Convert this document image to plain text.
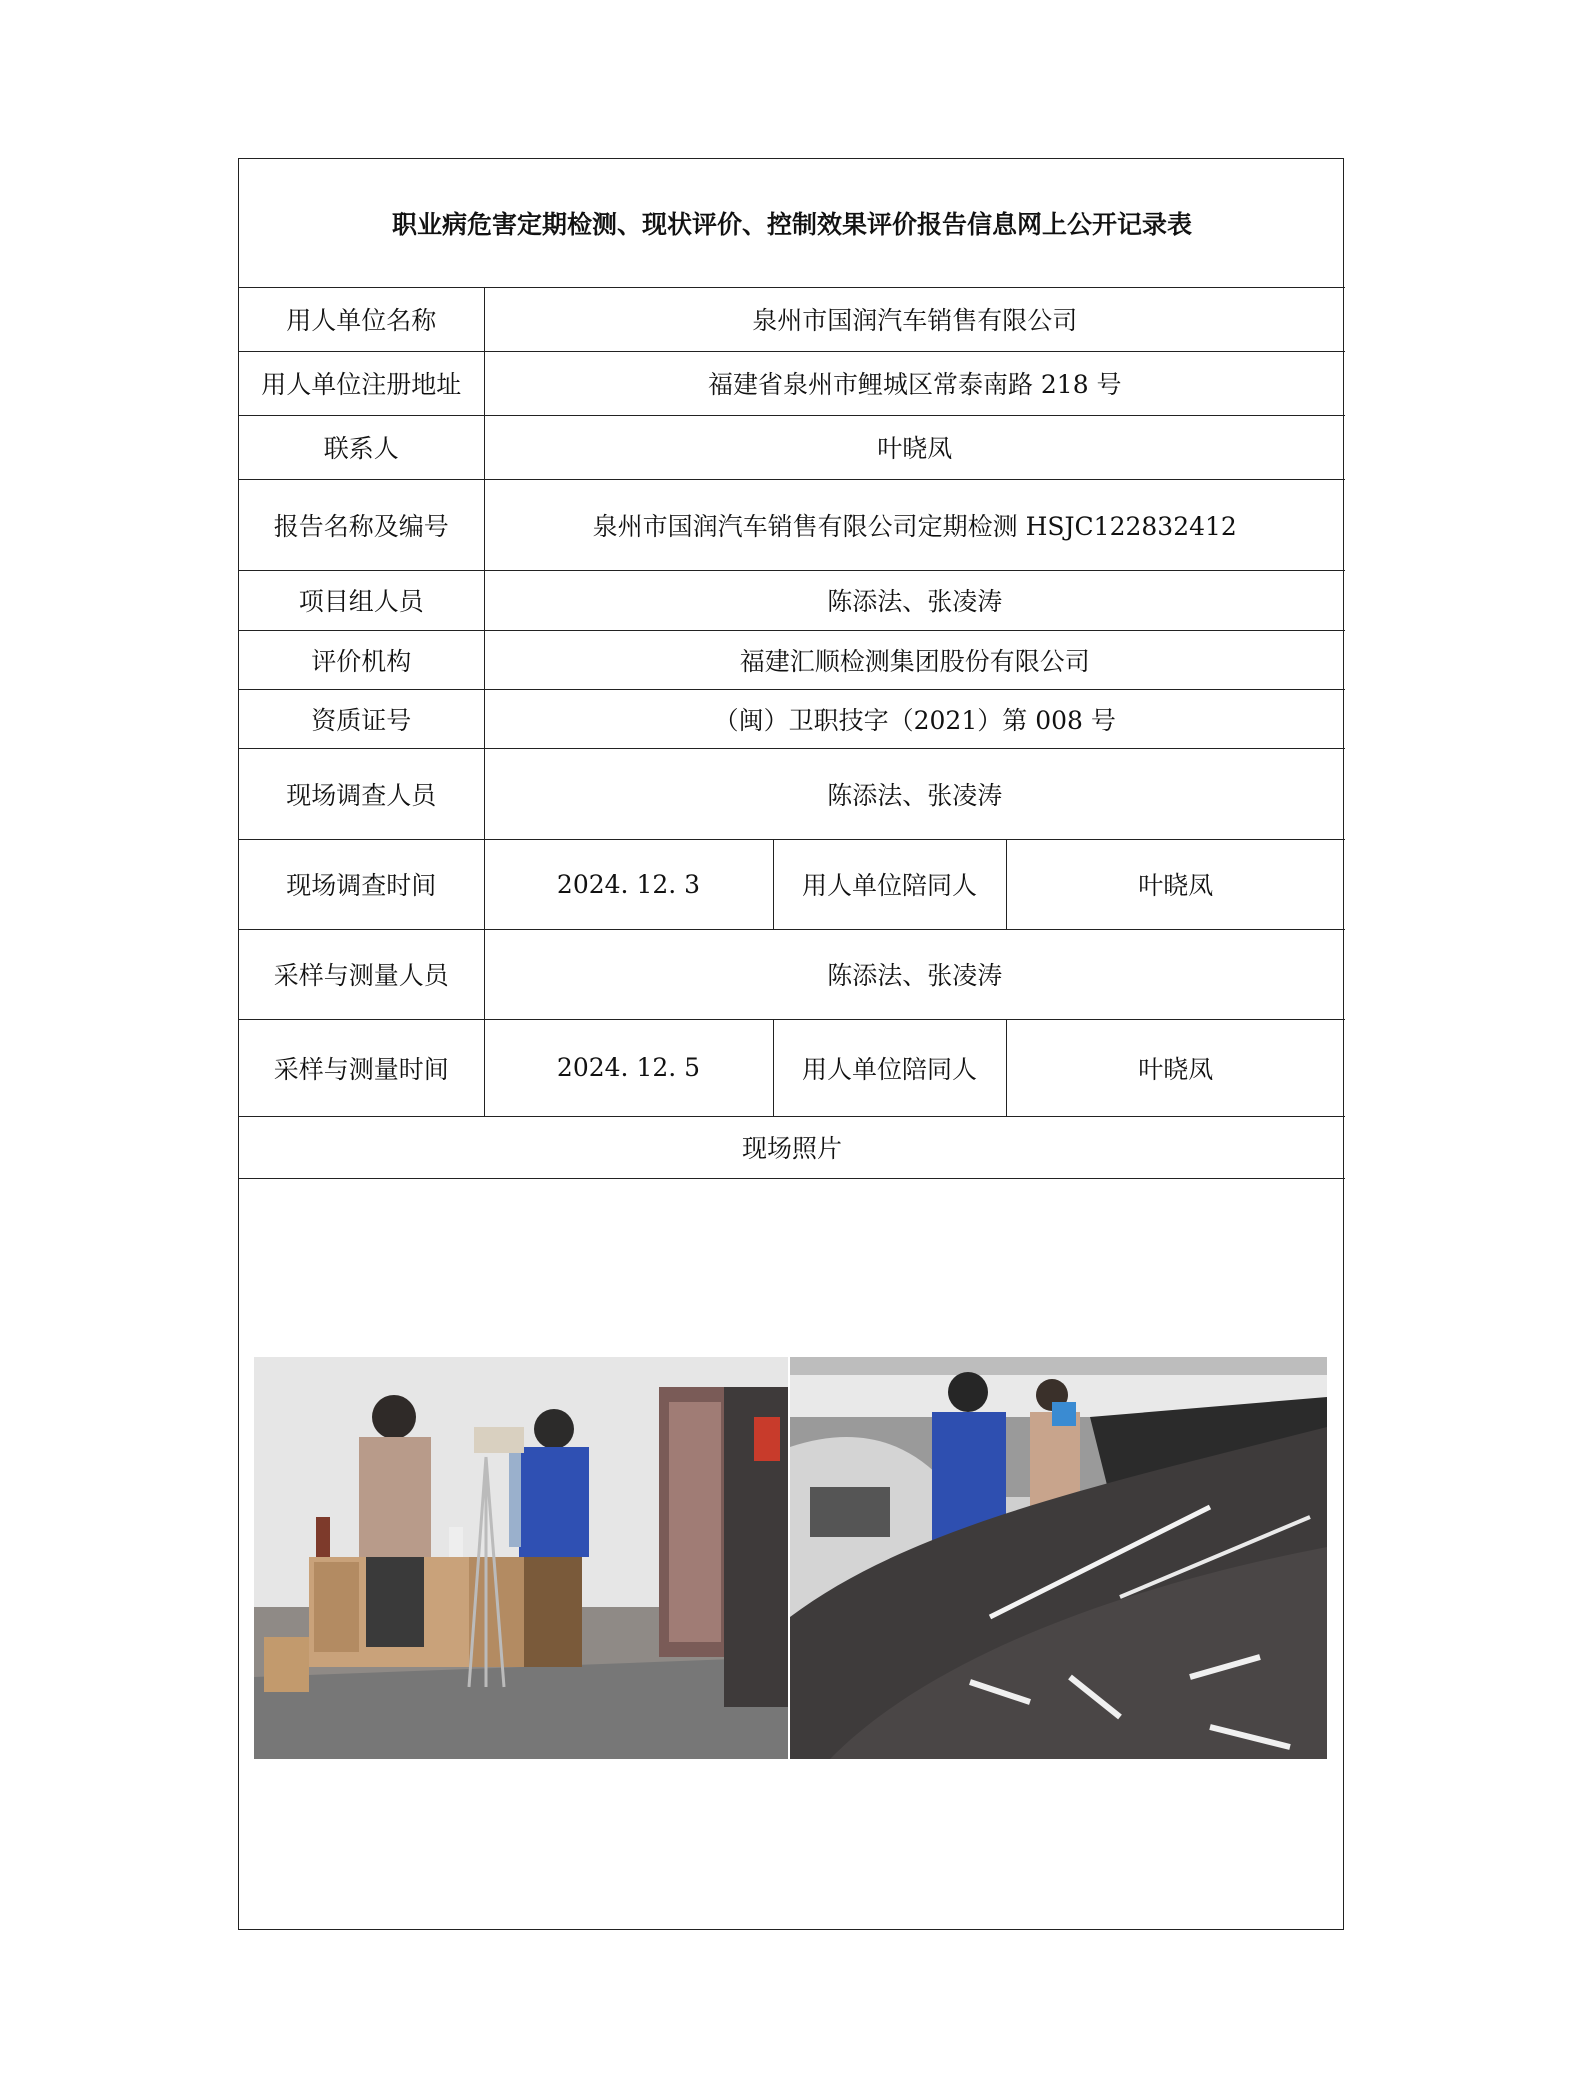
职业病危害定期检测、现状评价、控制效果评价报告信息网上公开记录表			
用人单位名称	泉州市国润汽车销售有限公司		
用人单位注册地址	福建省泉州市鲤城区常泰南路 218 号		
联系人	叶晓凤		
报告名称及编号	泉州市国润汽车销售有限公司定期检测 HSJC122832412		
项目组人员	陈添法、张凌涛		
评价机构	福建汇顺检测集团股份有限公司		
资质证号	（闽）卫职技字（2021）第 008 号		
现场调查人员	陈添法、张凌涛		
现场调查时间	2024. 12. 3	用人单位陪同人	叶晓凤
采样与测量人员	陈添法、张凌涛		
采样与测量时间	2024. 12. 5	用人单位陪同人	叶晓凤
现场照片			
